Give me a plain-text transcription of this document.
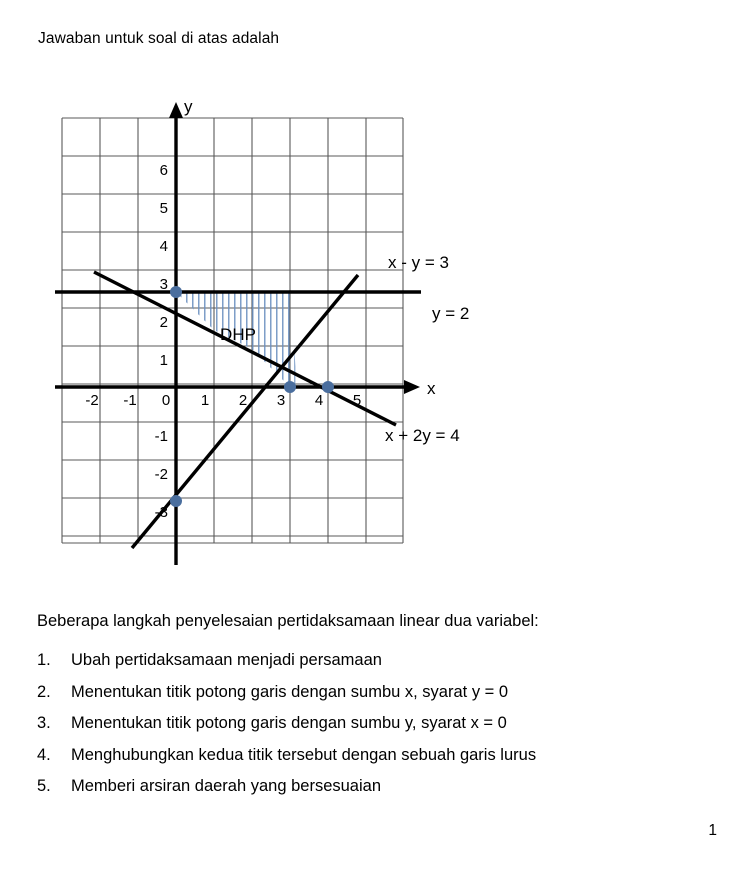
Jawaban untuk soal di atas adalah
y
x
-2 -1 0 1 2 3 4 5
6
5
4
3
2
1
-1
-2
-3
x - y = 3
y = 2
x + 2y = 4
DHP
Beberapa langkah penyelesaian pertidaksamaan linear dua variabel:
1. Ubah pertidaksamaan menjadi persamaan
2. Menentukan titik potong garis dengan sumbu x, syarat y = 0
3. Menentukan titik potong garis dengan sumbu y, syarat x = 0
4. Menghubungkan kedua titik tersebut dengan sebuah garis lurus
5. Memberi arsiran daerah yang bersesuaian
1
